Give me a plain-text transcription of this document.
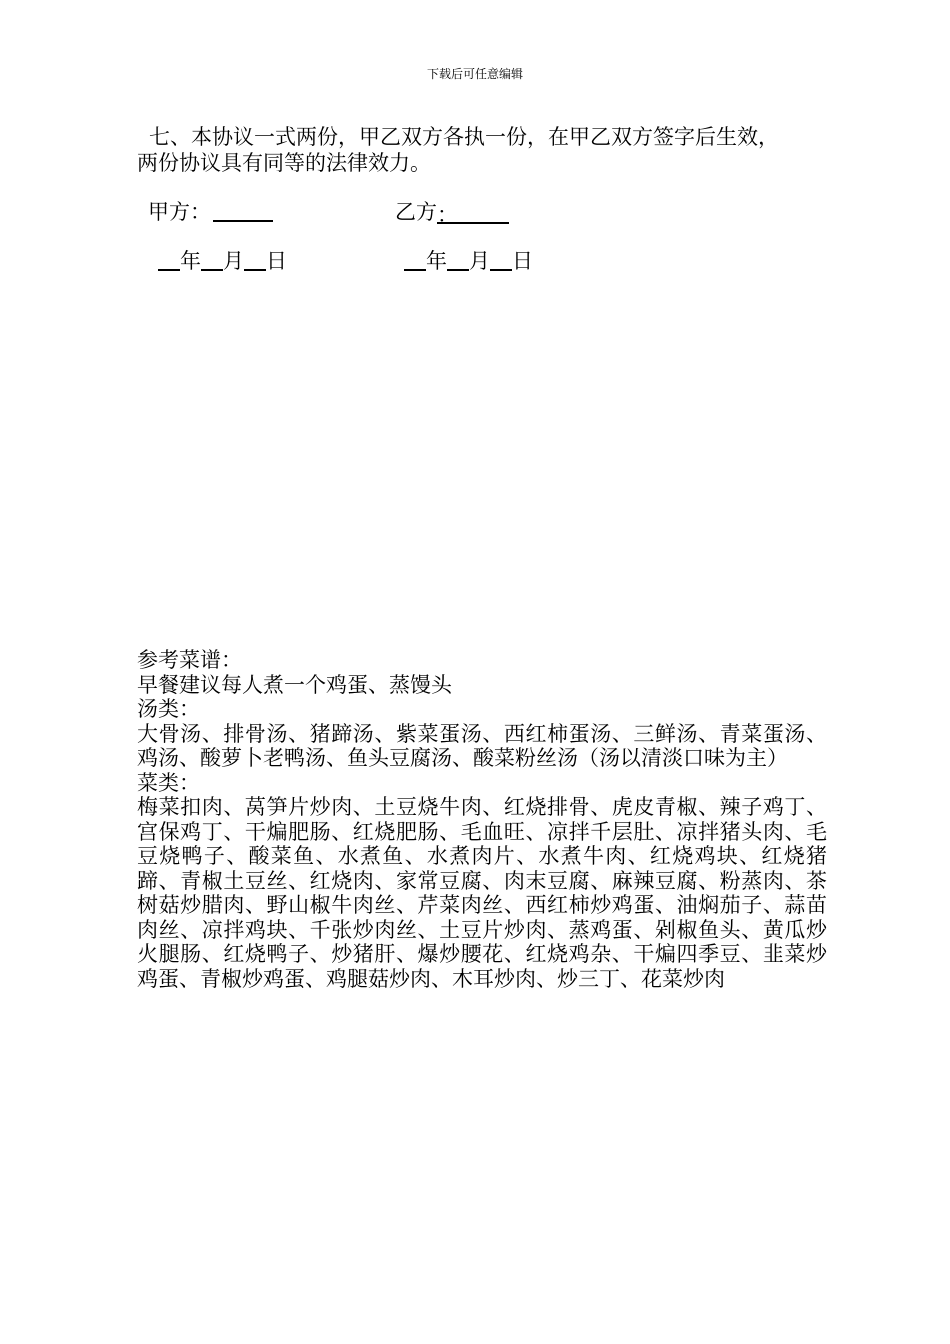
下载后可任意编辑
七、本协议一式两份，甲乙双方各执一份，在甲乙双方签字后生效，
两份协议具有同等的法律效力。
甲方：	乙方：
年 月 日	年 月 日

参考菜谱：

早餐建议每人煮一个鸡蛋、蒸馒头

汤类：

大骨汤、排骨汤、猪蹄汤、紫菜蛋汤、西红柿蛋汤、三鲜汤、青菜蛋汤、鸡汤、酸萝卜老鸭汤、鱼头豆腐汤、酸菜粉丝汤（汤以清淡口味为主）

菜类：

梅菜扣肉、莴笋片炒肉、土豆烧牛肉、红烧排骨、虎皮青椒、辣子鸡丁、宫保鸡丁、干煸肥肠、红烧肥肠、毛血旺、凉拌千层肚、凉拌猪头肉、毛豆烧鸭子、酸菜鱼、水煮鱼、水煮肉片、水煮牛肉、红烧鸡块、红烧猪蹄、青椒土豆丝、红烧肉、家常豆腐、肉末豆腐、麻辣豆腐、粉蒸肉、茶树菇炒腊肉、野山椒牛肉丝、芹菜肉丝、西红柿炒鸡蛋、油焖茄子、蒜苗肉丝、凉拌鸡块、千张炒肉丝、土豆片炒肉、蒸鸡蛋、剁椒鱼头、黄瓜炒火腿肠、红烧鸭子、炒猪肝、爆炒腰花、红烧鸡杂、干煸四季豆、韭菜炒鸡蛋、青椒炒鸡蛋、鸡腿菇炒肉、木耳炒肉、炒三丁、花菜炒肉
